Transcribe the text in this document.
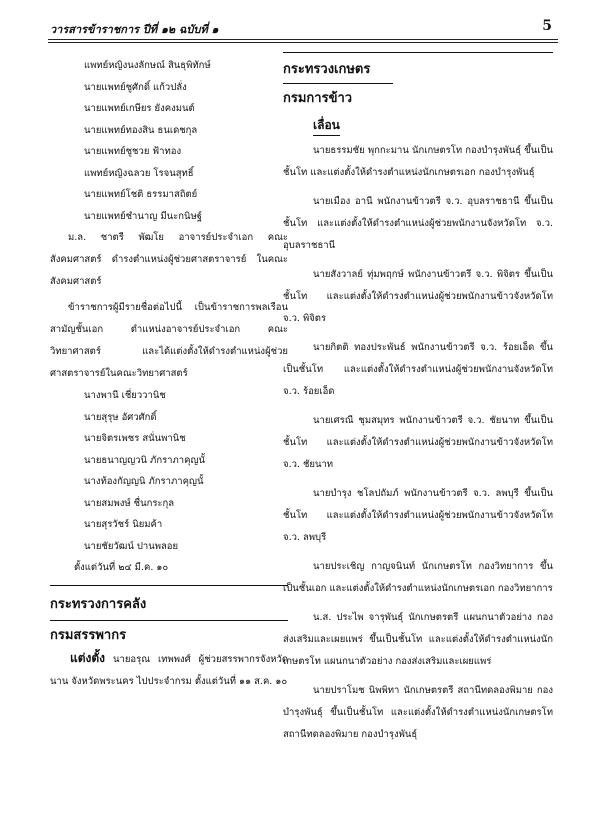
วารสารข้าราชการ ปีที่ ๑๒ ฉบับที่ ๑	5
แพทย์หญิงนงลักษณ์ สินธุพิทักษ์
นายแพทย์ชูศักดิ์ แก้วปลั่ง
นายแพทย์เกษียร ยังคงมนต์
นายแพทย์ทองสิน ธนเดชกุล
นายแพทย์ชูชวย ฟ้าทอง
แพทย์หญิงฉลวย โรจนสุทธิ์
นายแพทย์โชติ ธรรมาสถิตย์
นายแพทย์ชำนาญ มีนะกนิษฐ์

ม.ล. ชาตรี พัฒโย อาจารย์ประจำเอก คณะสังคมศาสตร์ ดำรงตำแหน่งผู้ช่วยศาสตราจารย์ ในคณะสังคมศาสตร์

ข้าราชการผู้มีรายชื่อต่อไปนี้ เป็นข้าราชการพลเรือนสามัญชั้นเอก ตำแหน่งอาจารย์ประจำเอก คณะวิทยาศาสตร์ และได้แต่งตั้งให้ดำรงตำแหน่งผู้ช่วยศาสตราจารย์ในคณะวิทยาศาสตร์

นางพานี เชี่ยววานิช
นายสุรุษ อัศวศักดิ์
นายจิตรเพชร สนั่นพานิช
นายธนาญญวนิ ภักราภาคุญนั้
นางท้องกัญญนิ ภักราภาคุญนั้
นายสมพงษ์ ชื่นกระกุล
นายสุรวัชร์ นิยมค้า
นายชัยวัฒน์ ปานพลอย

ตั้งแต่วันที่ ๒๔ มี.ค. ๑๐

กระทรวงการคลัง

กรมสรรพากร

แต่งตั้ง นายอรุณ เทพพงศ์ ผู้ช่วยสรรพากรจังหวัดนาน จังหวัดพระนคร ไปประจำกรม ตั้งแต่วันที่ ๑๑ ส.ค. ๑๐

กระทรวงเกษตร

กรมการข้าว

เลื่อน

นายธรรมชัย พุกกะมาน นักเกษตรโท กองบำรุงพันธุ์ ขึ้นเป็นชั้นโท และแต่งตั้งให้ดำรงตำแหน่งนักเกษตรเอก กองบำรุงพันธุ์

นายเมือง อานี พนักงานข้าวตรี จ.ว. อุบลราชธานี ขึ้นเป็นชั้นโท และแต่งตั้งให้ดำรงตำแหน่งผู้ช่วยพนักงานจังหวัดโท จ.ว. อุบลราชธานี

นายสังวาลย์ ทุ่มพฤกษ์ พนักงานข้าวตรี จ.ว. พิจิตร ขึ้นเป็นชั้นโท และแต่งตั้งให้ดำรงตำแหน่งผู้ช่วยพนักงานข้าวจังหวัดโท จ.ว. พิจิตร

นายกิตติ ทองประพันธ์ พนักงานข้าวตรี จ.ว. ร้อยเอ็ด ขึ้นเป็นชั้นโท และแต่งตั้งให้ดำรงตำแหน่งผู้ช่วยพนักงานจังหวัดโท จ.ว. ร้อยเอ็ด

นายเศรณี ชุมสมุทร พนักงานข้าวตรี จ.ว. ชัยนาท ขึ้นเป็นชั้นโท และแต่งตั้งให้ดำรงตำแหน่งผู้ช่วยพนักงานข้าวจังหวัดโท จ.ว. ชัยนาท

นายบำรุง ชโลปถัมภ์ พนักงานข้าวตรี จ.ว. ลพบุรี ขึ้นเป็นชั้นโท และแต่งตั้งให้ดำรงตำแหน่งผู้ช่วยพนักงานข้าวจังหวัดโท จ.ว. ลพบุรี

นายประเชิญ กาญจนินท์ นักเกษตรโท กองวิทยาการ ขึ้นเป็นชั้นเอก และแต่งตั้งให้ดำรงตำแหน่งนักเกษตรเอก กองวิทยาการ

น.ส. ประไพ จารุพันธุ์ นักเกษตรตรี แผนกนาตัวอย่าง กองส่งเสริมและเผยแพร่ ขึ้นเป็นชั้นโท และแต่งตั้งให้ดำรงตำแหน่งนักเกษตรโท แผนกนาตัวอย่าง กองส่งเสริมและเผยแพร่

นายปราโมช นิพพิทา นักเกษตรตรี สถานีทดลองพิมาย กองบำรุงพันธุ์ ขึ้นเป็นชั้นโท และแต่งตั้งให้ดำรงตำแหน่งนักเกษตรโท สถานีทดลองพิมาย กองบำรุงพันธุ์
